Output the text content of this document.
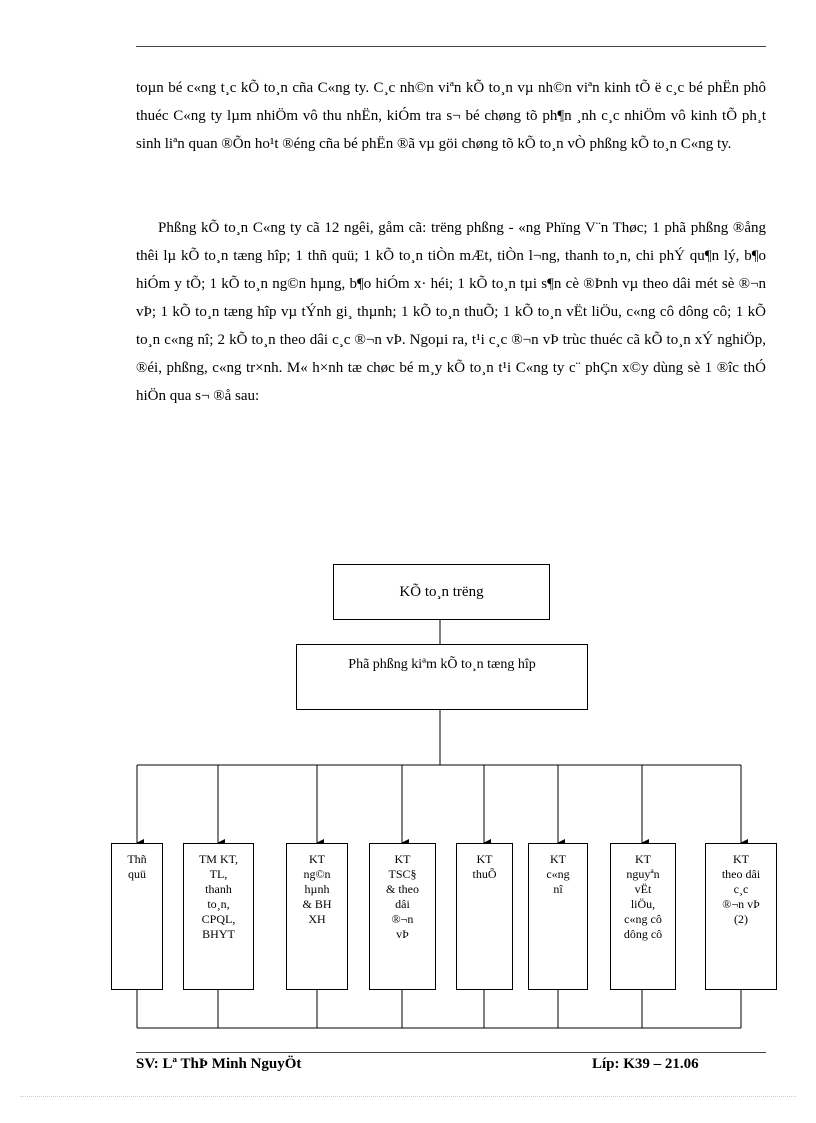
toµn bé c«ng t¸c kÕ to¸n cña C«ng ty. C¸c nh©n viªn kÕ to¸n vµ nh©n viªn kinh tÕ ë c¸c bé phËn phô thuéc C«ng ty lµm nhiÖm vô thu nhËn, kiÓm tra s¬ bé chøng tõ ph¶n ¸nh c¸c nhiÖm vô kinh tÕ ph¸t sinh liªn quan ®Õn ho¹t ®éng cña bé phËn ®ã vµ göi chøng tõ kÕ to¸n vÒ phßng kÕ to¸n C«ng ty.

Phßng kÕ to¸n C«ng ty cã 12 ngêi, gåm cã: trëng phßng - «ng Phïng V¨n Thøc; 1 phã phßng ®ång thêi lµ kÕ to¸n tæng hîp; 1 thñ quü; 1 kÕ to¸n tiÒn mÆt, tiÒn l¬ng, thanh to¸n, chi phÝ qu¶n lý, b¶o hiÓm y tÕ; 1 kÕ to¸n ng©n hµng, b¶o hiÓm x· héi; 1 kÕ to¸n tµi s¶n cè ®Þnh vµ theo dâi mét sè ®¬n vÞ; 1 kÕ to¸n tæng hîp vµ tÝnh gi¸ thµnh; 1 kÕ to¸n thuÕ; 1 kÕ to¸n vËt liÖu, c«ng cô dông cô; 1 kÕ to¸n c«ng nî; 2 kÕ to¸n theo dâi c¸c ®¬n vÞ. Ngoµi ra, t¹i c¸c ®¬n vÞ trùc thuéc cã kÕ to¸n xÝ nghiÖp, ®éi, phßng, c«ng tr×nh. M« h×nh tæ chøc bé m¸y kÕ to¸n t¹i C«ng ty c¨ phÇn x©y dùng sè 1 ®îc thÓ hiÖn qua s¬ ®å sau:

KÕ to¸n trëng
Phã phßng kiªm kÕ to¸n tæng hîp
Thñ
quü
TM KT,
TL,
thanh
to¸n,
CPQL,
BHYT
KT
ng©n
hµnh
& BH
XH
KT
TSC§
& theo
dâi
®¬n
vÞ
KT
thuÕ
KT
c«ng
nî
KT
nguyªn
vËt
liÖu,
c«ng cô
dông cô
KT
theo dâi
c¸c
®¬n vÞ
(2)
SV: Lª ThÞ Minh NguyÖt	Líp: K39 – 21.06
